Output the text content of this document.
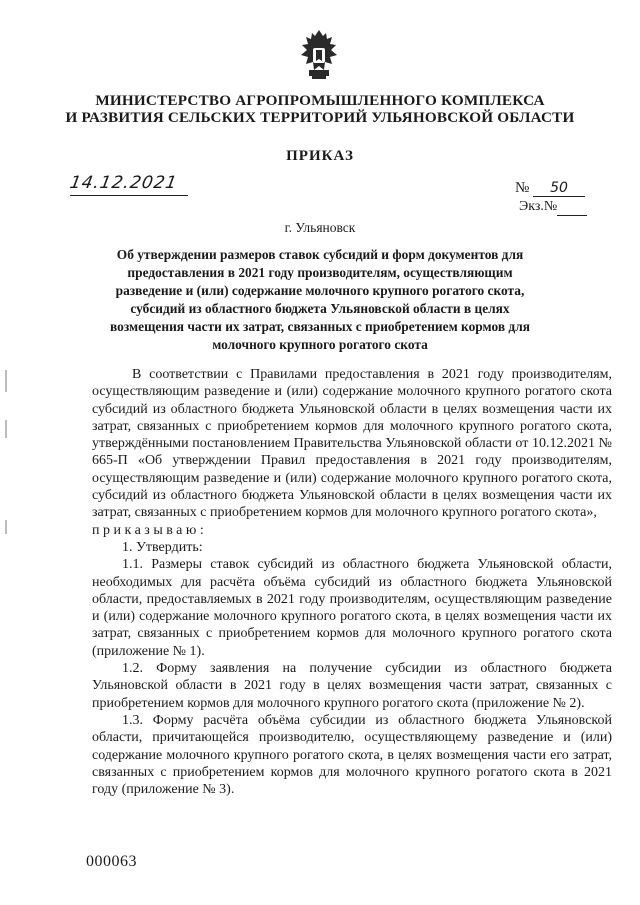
МИНИСТЕРСТВО АГРОПРОМЫШЛЕННОГО КОМПЛЕКСА
И РАЗВИТИЯ СЕЛЬСКИХ ТЕРРИТОРИЙ УЛЬЯНОВСКОЙ ОБЛАСТИ
ПРИКАЗ
14.12.2021	№ 50
Экз.№
г. Ульяновск
Об утверждении размеров ставок субсидий и форм документов для предоставления в 2021 году производителям, осуществляющим разведение и (или) содержание молочного крупного рогатого скота, субсидий из областного бюджета Ульяновской области в целях возмещения части их затрат, связанных с приобретением кормов для молочного крупного рогатого скота

В соответствии с Правилами предоставления в 2021 году производителям, осуществляющим разведение и (или) содержание молочного крупного рогатого скота субсидий из областного бюджета Ульяновской области в целях возмещения части их затрат, связанных с приобретением кормов для молочного крупного рогатого скота, утверждёнными постановлением Правительства Ульяновской области от 10.12.2021 № 665-П «Об утверждении Правил предоставления в 2021 году производителям, осуществляющим разведение и (или) содержание молочного крупного рогатого скота, субсидий из областного бюджета Ульяновской области в целях возмещения части их затрат, связанных с приобретением кормов для молочного крупного рогатого скота»,

приказываю:

1. Утвердить:

1.1. Размеры ставок субсидий из областного бюджета Ульяновской области, необходимых для расчёта объёма субсидий из областного бюджета Ульяновской области, предоставляемых в 2021 году производителям, осуществляющим разведение и (или) содержание молочного крупного рогатого скота, в целях возмещения части их затрат, связанных с приобретением кормов для молочного крупного рогатого скота (приложение № 1).

1.2. Форму заявления на получение субсидии из областного бюджета Ульяновской области в 2021 году в целях возмещения части затрат, связанных с приобретением кормов для молочного крупного рогатого скота (приложение № 2).

1.3. Форму расчёта объёма субсидии из областного бюджета Ульяновской области, причитающейся производителю, осуществляющему разведение и (или) содержание молочного крупного рогатого скота, в целях возмещения части его затрат, связанных с приобретением кормов для молочного крупного рогатого скота в 2021 году (приложение № 3).

000063
